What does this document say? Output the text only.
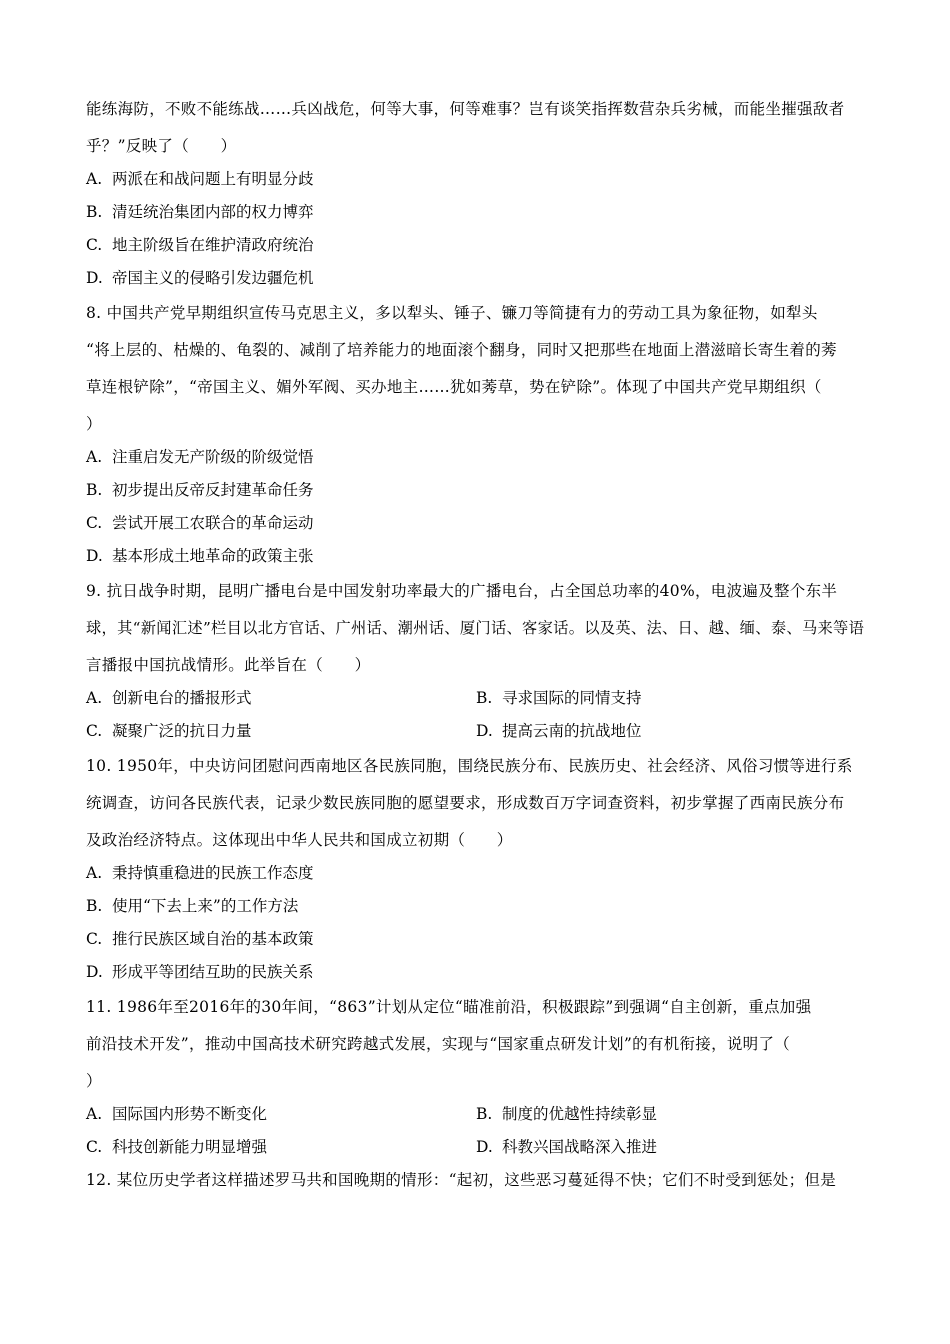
能练海防，不败不能练战……兵凶战危，何等大事，何等难事？岂有谈笑指挥数营杂兵劣械，而能坐摧强敌者
乎？”反映了（　　）
A. 两派在和战问题上有明显分歧
B. 清廷统治集团内部的权力博弈
C. 地主阶级旨在维护清政府统治
D. 帝国主义的侵略引发边疆危机
8. 中国共产党早期组织宣传马克思主义，多以犁头、锤子、镰刀等简捷有力的劳动工具为象征物，如犁头
“将上层的、枯燥的、龟裂的、减削了培养能力的地面滚个翻身，同时又把那些在地面上潜滋暗长寄生着的莠
草连根铲除”，“帝国主义、媚外军阀、买办地主……犹如莠草，势在铲除”。体现了中国共产党早期组织（
）
A. 注重启发无产阶级的阶级觉悟
B. 初步提出反帝反封建革命任务
C. 尝试开展工农联合的革命运动
D. 基本形成土地革命的政策主张
9. 抗日战争时期，昆明广播电台是中国发射功率最大的广播电台，占全国总功率的40%，电波遍及整个东半
球，其“新闻汇述”栏目以北方官话、广州话、潮州话、厦门话、客家话。以及英、法、日、越、缅、泰、马来等语
言播报中国抗战情形。此举旨在（　　）
A. 创新电台的播报形式	B. 寻求国际的同情支持
C. 凝聚广泛的抗日力量	D. 提高云南的抗战地位
10. 1950年，中央访问团慰问西南地区各民族同胞，围绕民族分布、民族历史、社会经济、风俗习惯等进行系
统调查，访问各民族代表，记录少数民族同胞的愿望要求，形成数百万字词查资料，初步掌握了西南民族分布
及政治经济特点。这体现出中华人民共和国成立初期（　　）
A. 秉持慎重稳进的民族工作态度
B. 使用“下去上来”的工作方法
C. 推行民族区域自治的基本政策
D. 形成平等团结互助的民族关系
11. 1986年至2016年的30年间，“863”计划从定位“瞄准前沿，积极跟踪”到强调“自主创新，重点加强
前沿技术开发”，推动中国高技术研究跨越式发展，实现与“国家重点研发计划”的有机衔接，说明了（
）
A. 国际国内形势不断变化	B. 制度的优越性持续彰显
C. 科技创新能力明显增强	D. 科教兴国战略深入推进
12. 某位历史学者这样描述罗马共和国晚期的情形：“起初，这些恶习蔓延得不快；它们不时受到惩处；但是
